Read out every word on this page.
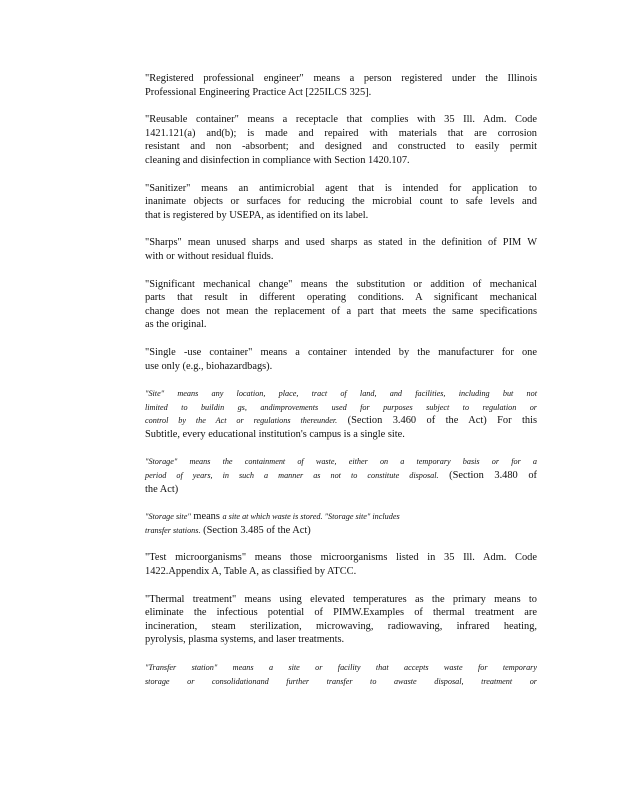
"Registered professional engineer" means a person registered under the Illinois
Professional Engineering Practice Act [225ILCS 325].
"Reusable container" means a receptacle that complies with 35 Ill. Adm. Code
1421.121(a) and(b); is made and repaired with materials that are corrosion
resistant and non -absorbent; and designed and constructed to easily permit
cleaning and disinfection in compliance with Section 1420.107.
"Sanitizer" means an antimicrobial agent that is intended for application to
inanimate objects or surfaces for reducing the microbial count to safe levels and
that is registered by USEPA, as identified on its label.
"Sharps" mean unused sharps and used sharps as stated in the definition of PIM W
with or without residual fluids.
"Significant mechanical change" means the substitution or addition of mechanical
parts that result in different operating conditions. A significant mechanical
change does not mean the replacement of a part that meets the same specifications
as the original.
"Single -use container" means a container intended by the manufacturer for one
use only (e.g., biohazardbags).
"Site" means any location, place, tract of land, and facilities, including but not
limited to buildin gs, andimprovements used for purposes subject to regulation or
control by the Act or regulations thereunder. (Section 3.460 of the Act) For this
Subtitle, every educational institution's campus is a single site.
"Storage" means the containment of waste, either on a temporary basis or for a
period of years, in such a manner as not to constitute disposal. (Section 3.480 of
the Act)
"Storage site" means a site at which waste is stored. "Storage site" includes
transfer stations. (Section 3.485 of the Act)
"Test microorganisms" means those microorganisms listed in 35 Ill. Adm. Code
1422.Appendix A, Table A, as classified by ATCC.
"Thermal treatment" means using elevated temperatures as the primary means to
eliminate the infectious potential of PIMW.Examples of thermal treatment are
incineration, steam sterilization, microwaving, radiowaving, infrared heating,
pyrolysis, plasma systems, and laser treatments.
"Transfer station" means a site or facility that accepts waste for temporary
storage or consolidationand further transfer to awaste disposal, treatment or
